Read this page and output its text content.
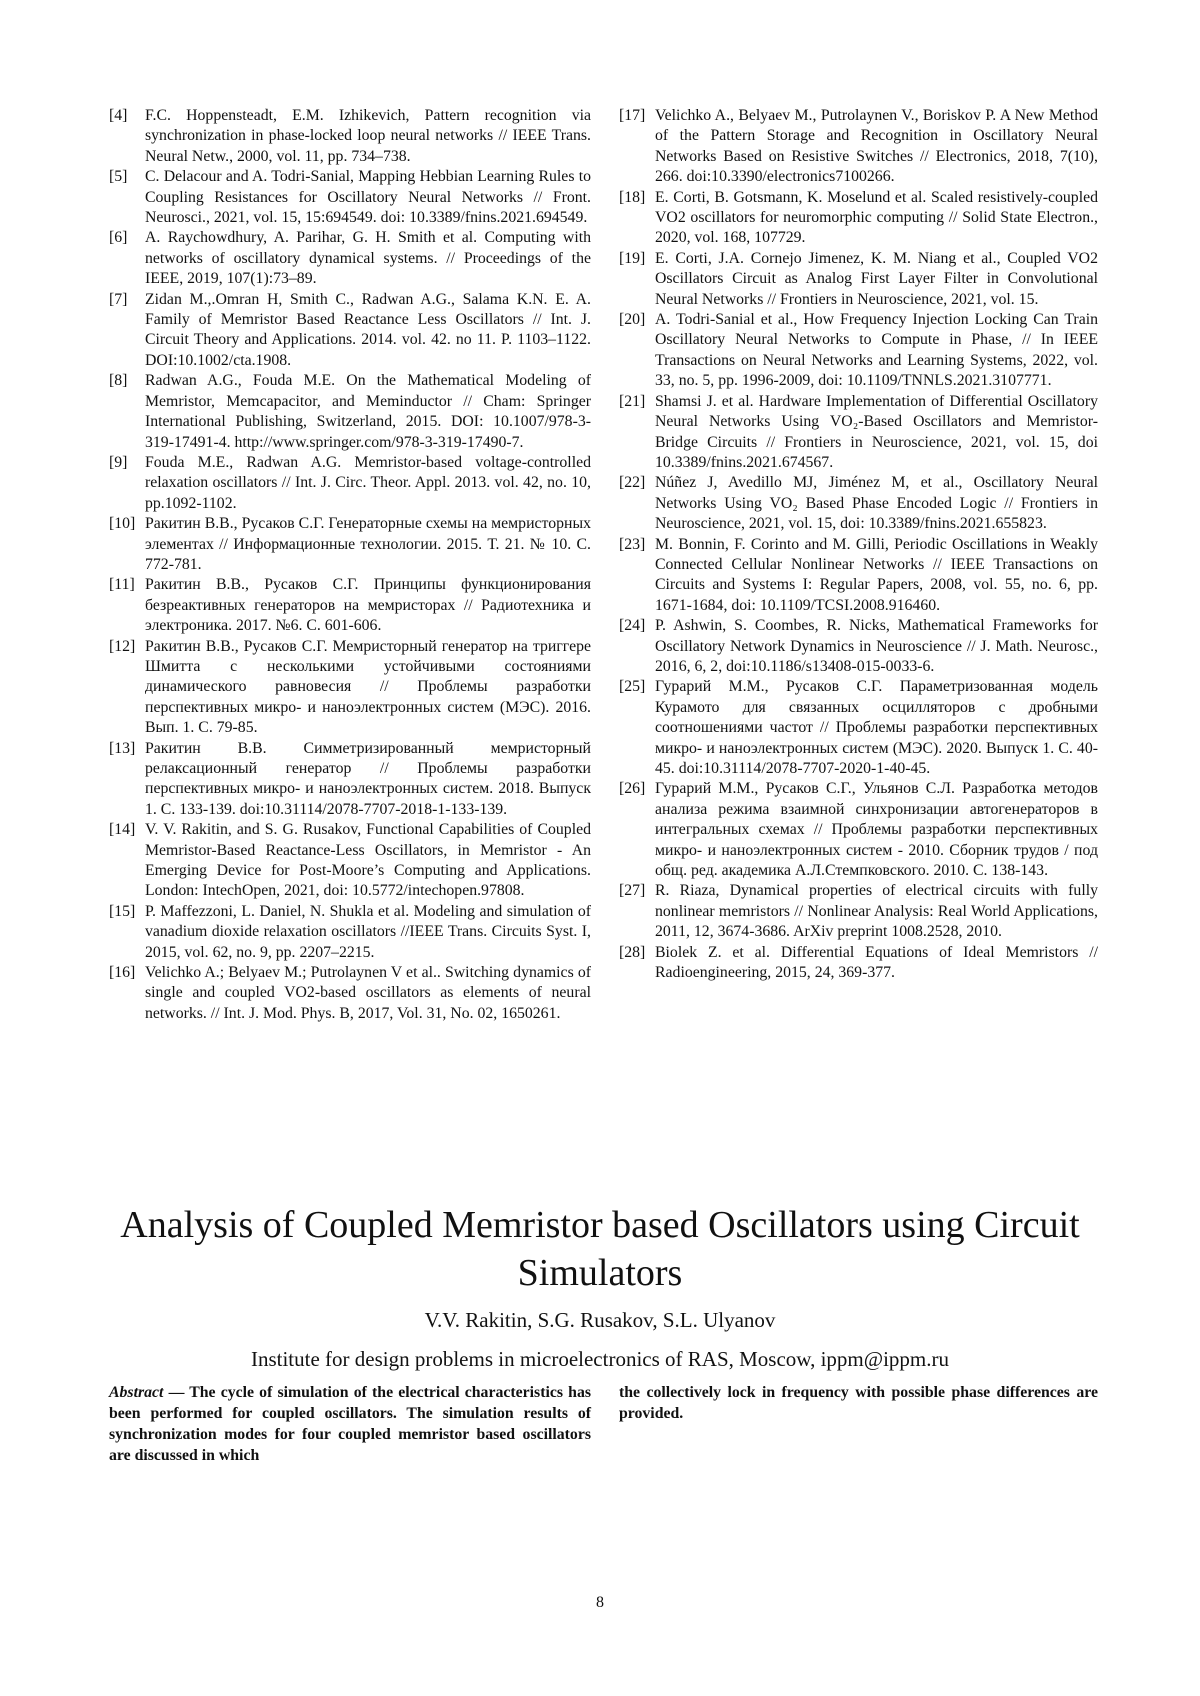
[4]	F.C. Hoppensteadt, E.M. Izhikevich, Pattern recognition via synchronization in phase-locked loop neural networks // IEEE Trans. Neural Netw., 2000, vol. 11, pp. 734–738.
[5]	C. Delacour and A. Todri-Sanial, Mapping Hebbian Learning Rules to Coupling Resistances for Oscillatory Neural Networks // Front. Neurosci., 2021, vol. 15, 15:694549. doi: 10.3389/fnins.2021.694549.
[6]	A. Raychowdhury, A. Parihar, G. H. Smith et al. Computing with networks of oscillatory dynamical systems. // Proceedings of the IEEE, 2019, 107(1):73–89.
[7]	Zidan M.,.Omran H, Smith C., Radwan A.G., Salama K.N. E. A. Family of Memristor Based Reactance Less Oscillators // Int. J. Circuit Theory and Applications. 2014. vol. 42. no 11. P. 1103–1122. DOI:10.1002/cta.1908.
[8]	Radwan A.G., Fouda M.E. On the Mathematical Modeling of Memristor, Memcapacitor, and Meminductor // Cham: Springer International Publishing, Switzerland, 2015. DOI: 10.1007/978-3-319-17491-4. http://www.springer.com/978-3-319-17490-7.
[9]	Fouda M.E., Radwan A.G. Memristor-based voltage-controlled relaxation oscillators // Int. J. Circ. Theor. Appl. 2013. vol. 42, no. 10, pp.1092-1102.
[10] Ракитин В.В., Русаков С.Г. Генераторные схемы на мемристорных элементах // Информационные технологии. 2015. Т. 21. № 10. С. 772-781.
[11] Ракитин В.В., Русаков С.Г. Принципы функционирования безреактивных генераторов на мемристорах // Радиотехника и электроника. 2017. №6. С. 601-606.
[12] Ракитин В.В., Русаков С.Г. Мемристорный генератор на триггере Шмитта с несколькими устойчивыми состояниями динамического равновесия // Проблемы разработки перспективных микро- и наноэлектронных систем (МЭС). 2016. Вып. 1. С. 79-85.
[13] Ракитин В.В. Симметризированный мемристорный релаксационный генератор // Проблемы разработки перспективных микро- и наноэлектронных систем. 2018. Выпуск 1. С. 133-139. doi:10.31114/2078-7707-2018-1-133-139.
[14] V. V. Rakitin, and S. G. Rusakov, Functional Capabilities of Coupled Memristor-Based Reactance-Less Oscillators, in Memristor - An Emerging Device for Post-Moore’s Computing and Applications. London: IntechOpen, 2021, doi: 10.5772/intechopen.97808.
[15] P. Maffezzoni, L. Daniel, N. Shukla et al. Modeling and simulation of vanadium dioxide relaxation oscillators //IEEE Trans. Circuits Syst. I, 2015, vol. 62, no. 9, pp. 2207–2215.
[16] Velichko A.; Belyaev M.; Putrolaynen V et al.. Switching dynamics of single and coupled VO2-based oscillators as elements of neural networks. // Int. J. Mod. Phys. B, 2017, Vol. 31, No. 02, 1650261.
[17] Velichko A., Belyaev M., Putrolaynen V., Boriskov P. A New Method of the Pattern Storage and Recognition in Oscillatory Neural Networks Based on Resistive Switches // Electronics, 2018, 7(10), 266. doi:10.3390/electronics7100266.
[18] E. Corti, B. Gotsmann, K. Moselund et al. Scaled resistively-coupled VO2 oscillators for neuromorphic computing // Solid State Electron., 2020, vol. 168, 107729.
[19] E. Corti, J.A. Cornejo Jimenez, K. M. Niang et al., Coupled VO2 Oscillators Circuit as Analog First Layer Filter in Convolutional Neural Networks // Frontiers in Neuroscience, 2021, vol. 15.
[20] A. Todri-Sanial et al., How Frequency Injection Locking Can Train Oscillatory Neural Networks to Compute in Phase, // In IEEE Transactions on Neural Networks and Learning Systems, 2022, vol. 33, no. 5, pp. 1996-2009, doi: 10.1109/TNNLS.2021.3107771.
[21] Shamsi J. et al. Hardware Implementation of Differential Oscillatory Neural Networks Using VO₂-Based Oscillators and Memristor-Bridge Circuits // Frontiers in Neuroscience, 2021, vol. 15, doi 10.3389/fnins.2021.674567.
[22] Núñez J, Avedillo MJ, Jiménez M, et al., Oscillatory Neural Networks Using VO₂ Based Phase Encoded Logic // Frontiers in Neuroscience, 2021, vol. 15, doi: 10.3389/fnins.2021.655823.
[23] M. Bonnin, F. Corinto and M. Gilli, Periodic Oscillations in Weakly Connected Cellular Nonlinear Networks // IEEE Transactions on Circuits and Systems I: Regular Papers, 2008, vol. 55, no. 6, pp. 1671-1684, doi: 10.1109/TCSI.2008.916460.
[24] P. Ashwin, S. Coombes, R. Nicks, Mathematical Frameworks for Oscillatory Network Dynamics in Neuroscience // J. Math. Neurosc., 2016, 6, 2, doi:10.1186/s13408-015-0033-6.
[25] Гурарий М.М., Русаков С.Г. Параметризованная модель Курамото для связанных осцилляторов с дробными соотношениями частот // Проблемы разработки перспективных микро- и наноэлектронных систем (МЭС). 2020. Выпуск 1. С. 40-45. doi:10.31114/2078-7707-2020-1-40-45.
[26] Гурарий М.М., Русаков С.Г., Ульянов С.Л. Разработка методов анализа режима взаимной синхронизации автогенераторов в интегральных схемах // Проблемы разработки перспективных микро- и наноэлектронных систем - 2010. Сборник трудов / под общ. ред. академика А.Л.Стемпковского. 2010. С. 138-143.
[27] R. Riaza, Dynamical properties of electrical circuits with fully nonlinear memristors // Nonlinear Analysis: Real World Applications, 2011, 12, 3674-3686. ArXiv preprint 1008.2528, 2010.
[28] Biolek Z. et al. Differential Equations of Ideal Memristors // Radioengineering, 2015, 24, 369-377.
Analysis of Coupled Memristor based Oscillators using Circuit Simulators
V.V. Rakitin, S.G. Rusakov, S.L. Ulyanov
Institute for design problems in microelectronics of RAS, Moscow, ippm@ippm.ru
Abstract — The cycle of simulation of the electrical characteristics has been performed for coupled oscillators. The simulation results of synchronization modes for four coupled memristor based oscillators are discussed in which
the collectively lock in frequency with possible phase differences are provided.
8
